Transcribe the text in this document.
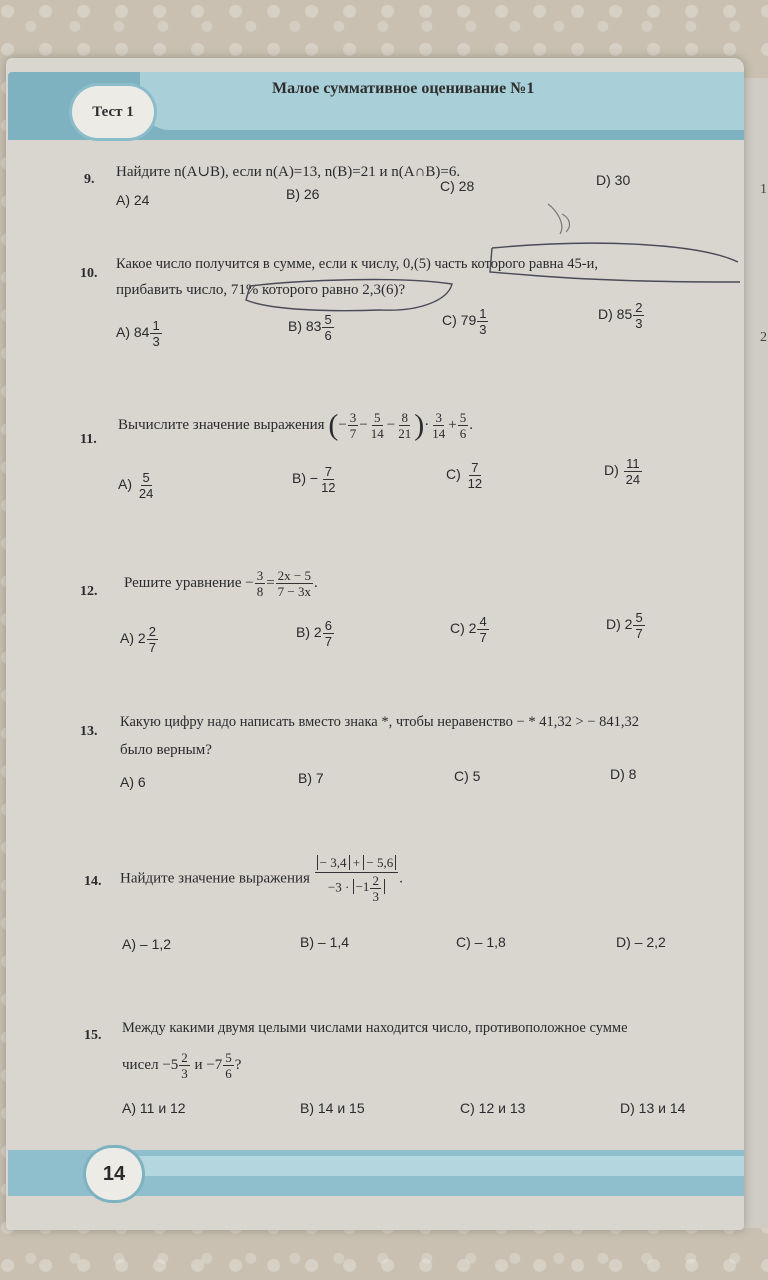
1
2
Тест 1
Малое суммативное оценивание №1
9. Найдите n(A∪B), если n(A)=13, n(B)=21 и n(A∩B)=6.
A) 24	B) 26	C) 28	D) 30
10.
Какое число получится в сумме, если к числу, 0,(5) часть которого равна 45-и,
прибавить число, 71% которого равно 2,3(6)?
A) $84 \frac{1}{3}$	B) $83 \frac{5}{6}$	C) $79 \frac{1}{3}$	D) $85 \frac{2}{3}$
11.
Вычислите значение выражения (− $\frac{3}{7} - \frac{5}{14} - \frac{8}{21}$ )· $\frac{3}{14} + \frac{5}{6}$ .
$A) \frac{5}{24}$	$B) - \frac{7}{12}$	$C) \frac{7}{12}$	$D) \frac{11}{24}$
12.
Решите уравнение − $\frac{3}{8} = \frac{2x - 5}{7 - 3x}$ .
A) $2 \frac{2}{7}$	B) $2 \frac{6}{7}$	C) $2 \frac{4}{7}$	D) $2 \frac{5}{7}$
13.
Какую цифру надо написать вместо знака *, чтобы неравенство − * 41,32 > − 841,32
было верным?
A) 6	B) 7	C) 5	D) 8
14. Найдите значение выражения $\frac{- 3,4 + - 5,6}{-3 \cdot -1 \frac{2}{3}}$ .
A) – 1,2	B) – 1,4	C) – 1,8	D) – 2,2
15. Между какими двумя целыми числами находится число, противоположное сумме
чисел $-5 \frac{2}{3}$ $и -7 \frac{5}{6}$ ?
A) 11 и 12	B) 14 и 15	C) 12 и 13	D) 13 и 14
14
